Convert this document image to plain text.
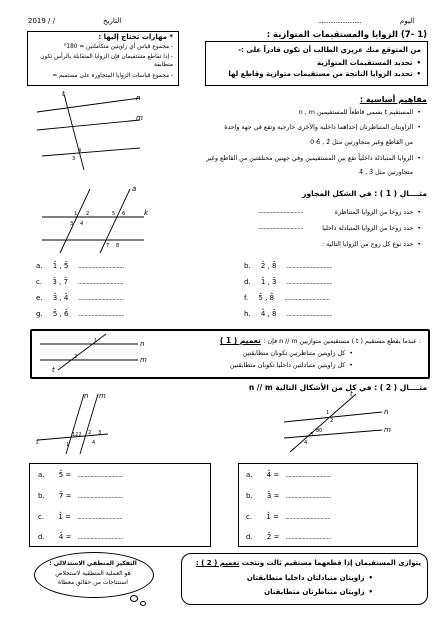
2019 / /	التاريخ	.........................	اليوم
(1 -7) الزوايا والمستقيمات المتوازية :
* مهارات تحتاج إليها :
- مجموع قياس أي زاويتين متكاملتين = 180°
- إذا تقاطع مستقيمان فإن الزوايا المتقابلة بالرأس تكون متطابقة
- مجموع قياسات الزوايا المتجاورة على مستقيم =
من المتوقع منك عزيزي الطالب أن تكون قادراً على :-
• تحديد المستقيمات المتوازية
• تحديد الزوايا الناتجة من مستقيمات متوازية وقاطع لها
مفاهيم أساسية :
• المستقيم t يسمى قاطعاً للمستقيمين n , m
• الزاويتان المتناظرتان إحداهما داخلية والأخرى خارجية وتقع في جهة واحدة
من القاطع وغير متجاورتين مثل 2̂ , 6̂ 0
• الزوايا المتبادلة داخلياً تقع بين المستقيمين وفي جهتين مختلفتين من القاطع وغير
متجاورتين مثل 3̂ , 4̂
n
m
t
3
4
مثــــال ( 1 ) : في الشكل المجاور
• حدد زوجا من الزوايا المتناظرة
................................
• حدد زوجا من الزوايا المتبادلة داخليا
................................
• حدد نوع كل زوج من الزوايا التالية :
a
k
1 2
3 4
5 6
7 8
a. 1̂ , 5̂ ................................	b. 2̂ , 8̂ ................................
c. 3̂ , 7̂ ................................	d. 1̂ , 3̂ ................................
e. 3̂ , 4̂ ................................	f. 5̂ , 8̂ ................................
g. 5̂ , 6̂ ................................	h. 4̂ , 8̂ ................................
n
m
t
1
2
: عندما يقطع مستقيم ( t ) مستقيمين متوازيين n // m فإن : تعميم ( 1 )
• كل زاويتين متناظرتين تكونان متطابقتين
• كل زاويتين متبادلتين داخليا تكونان متطابقتين
مثــــال ( 2 ) : في كل من الأشكال التالية n // m
n m
t
122
1
2 3
4
t
n
m
1
2
3
80
4
a. 5̂ = ................................
b. 7̂ = ................................
c. 1̂ = ................................
d. 4̂ = ................................
a. 4̂ = ................................
b. 3̂ = ................................
c. 1̂ = ................................
d. 2̂ = ................................
التفكير المنطقي الاستدلالي :
هو العملية المنطقية لاستخلاص
استنتاجات من حقائق معطاة
يتوازى المستقيمان إذا قطعهما مستقيم ثالث ونتجت تعميم ( 2 ) :
• زاويتان متبادلتان داخليا متطابقتان
• زاويتان متناظرتان متطابقتان
